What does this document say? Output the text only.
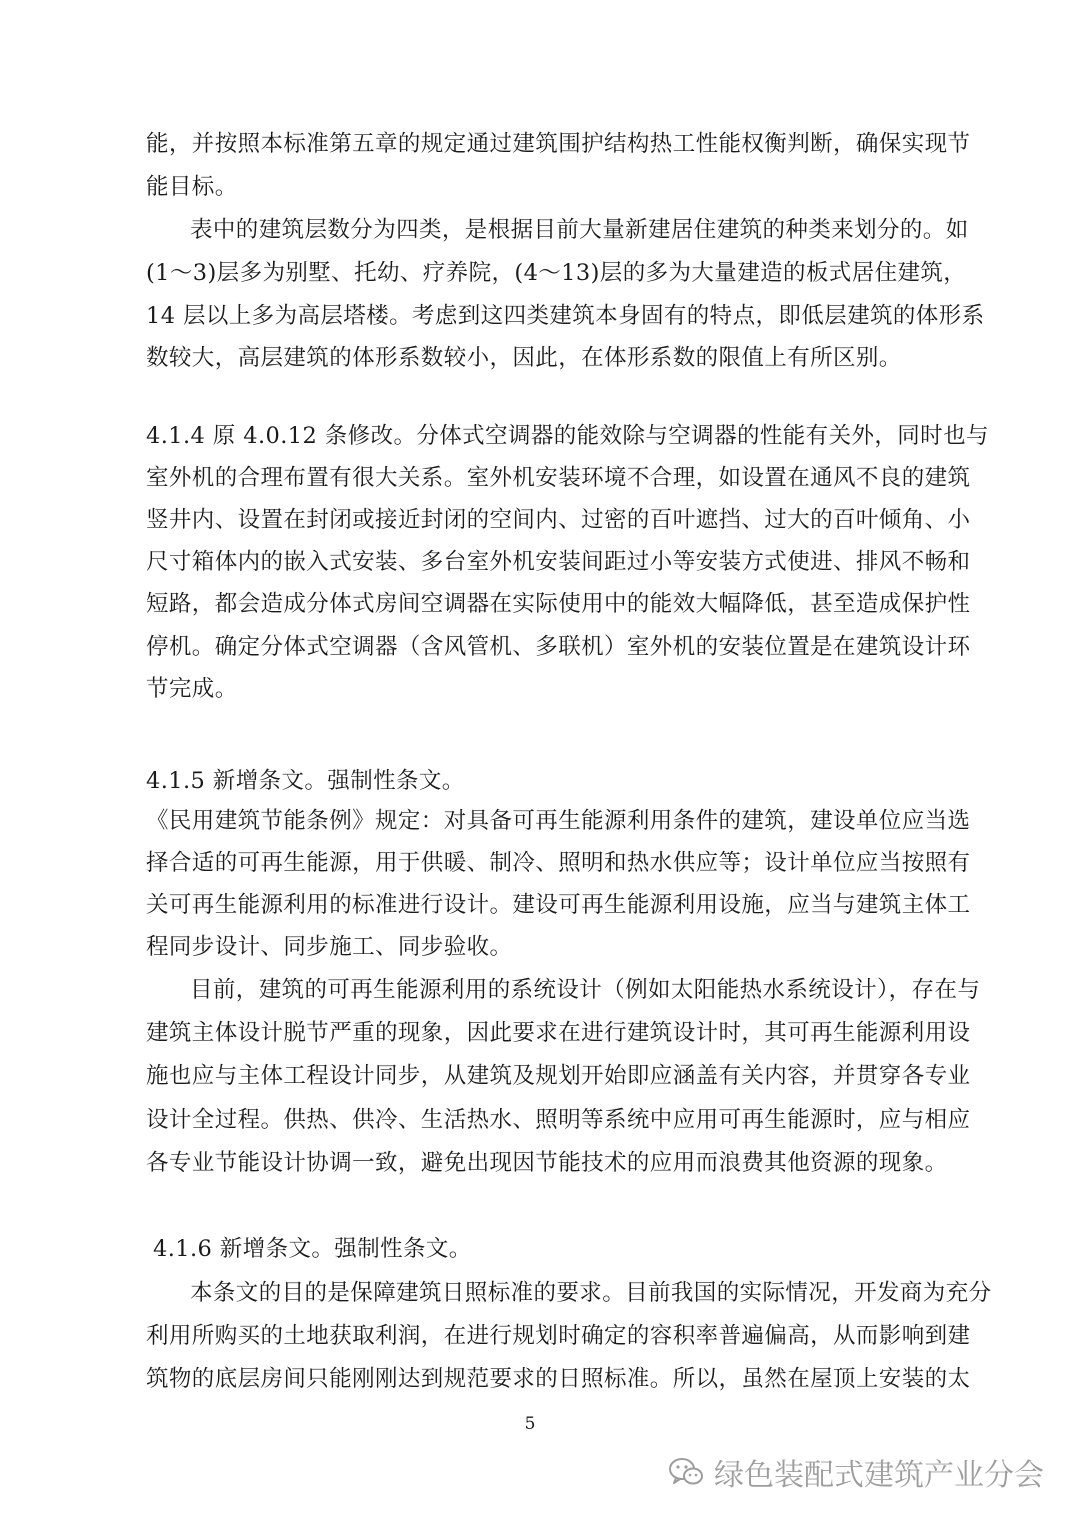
能，并按照本标准第五章的规定通过建筑围护结构热工性能权衡判断，确保实现节
能目标。
表中的建筑层数分为四类，是根据目前大量新建居住建筑的种类来划分的。如
(1～3)层多为别墅、托幼、疗养院，(4～13)层的多为大量建造的板式居住建筑，
14 层以上多为高层塔楼。考虑到这四类建筑本身固有的特点，即低层建筑的体形系
数较大，高层建筑的体形系数较小，因此，在体形系数的限值上有所区别。
4.1.4 原 4.0.12 条修改。分体式空调器的能效除与空调器的性能有关外，同时也与
室外机的合理布置有很大关系。室外机安装环境不合理，如设置在通风不良的建筑
竖井内、设置在封闭或接近封闭的空间内、过密的百叶遮挡、过大的百叶倾角、小
尺寸箱体内的嵌入式安装、多台室外机安装间距过小等安装方式使进、排风不畅和
短路，都会造成分体式房间空调器在实际使用中的能效大幅降低，甚至造成保护性
停机。确定分体式空调器（含风管机、多联机）室外机的安装位置是在建筑设计环
节完成。
4.1.5 新增条文。强制性条文。
《民用建筑节能条例》规定：对具备可再生能源利用条件的建筑，建设单位应当选
择合适的可再生能源，用于供暖、制冷、照明和热水供应等；设计单位应当按照有
关可再生能源利用的标准进行设计。建设可再生能源利用设施，应当与建筑主体工
程同步设计、同步施工、同步验收。
目前，建筑的可再生能源利用的系统设计（例如太阳能热水系统设计），存在与
建筑主体设计脱节严重的现象，因此要求在进行建筑设计时，其可再生能源利用设
施也应与主体工程设计同步，从建筑及规划开始即应涵盖有关内容，并贯穿各专业
设计全过程。供热、供冷、生活热水、照明等系统中应用可再生能源时，应与相应
各专业节能设计协调一致，避免出现因节能技术的应用而浪费其他资源的现象。
4.1.6 新增条文。强制性条文。
本条文的目的是保障建筑日照标准的要求。目前我国的实际情况，开发商为充分
利用所购买的土地获取利润，在进行规划时确定的容积率普遍偏高，从而影响到建
筑物的底层房间只能刚刚达到规范要求的日照标准。所以，虽然在屋顶上安装的太
5
绿色装配式建筑产业分会
